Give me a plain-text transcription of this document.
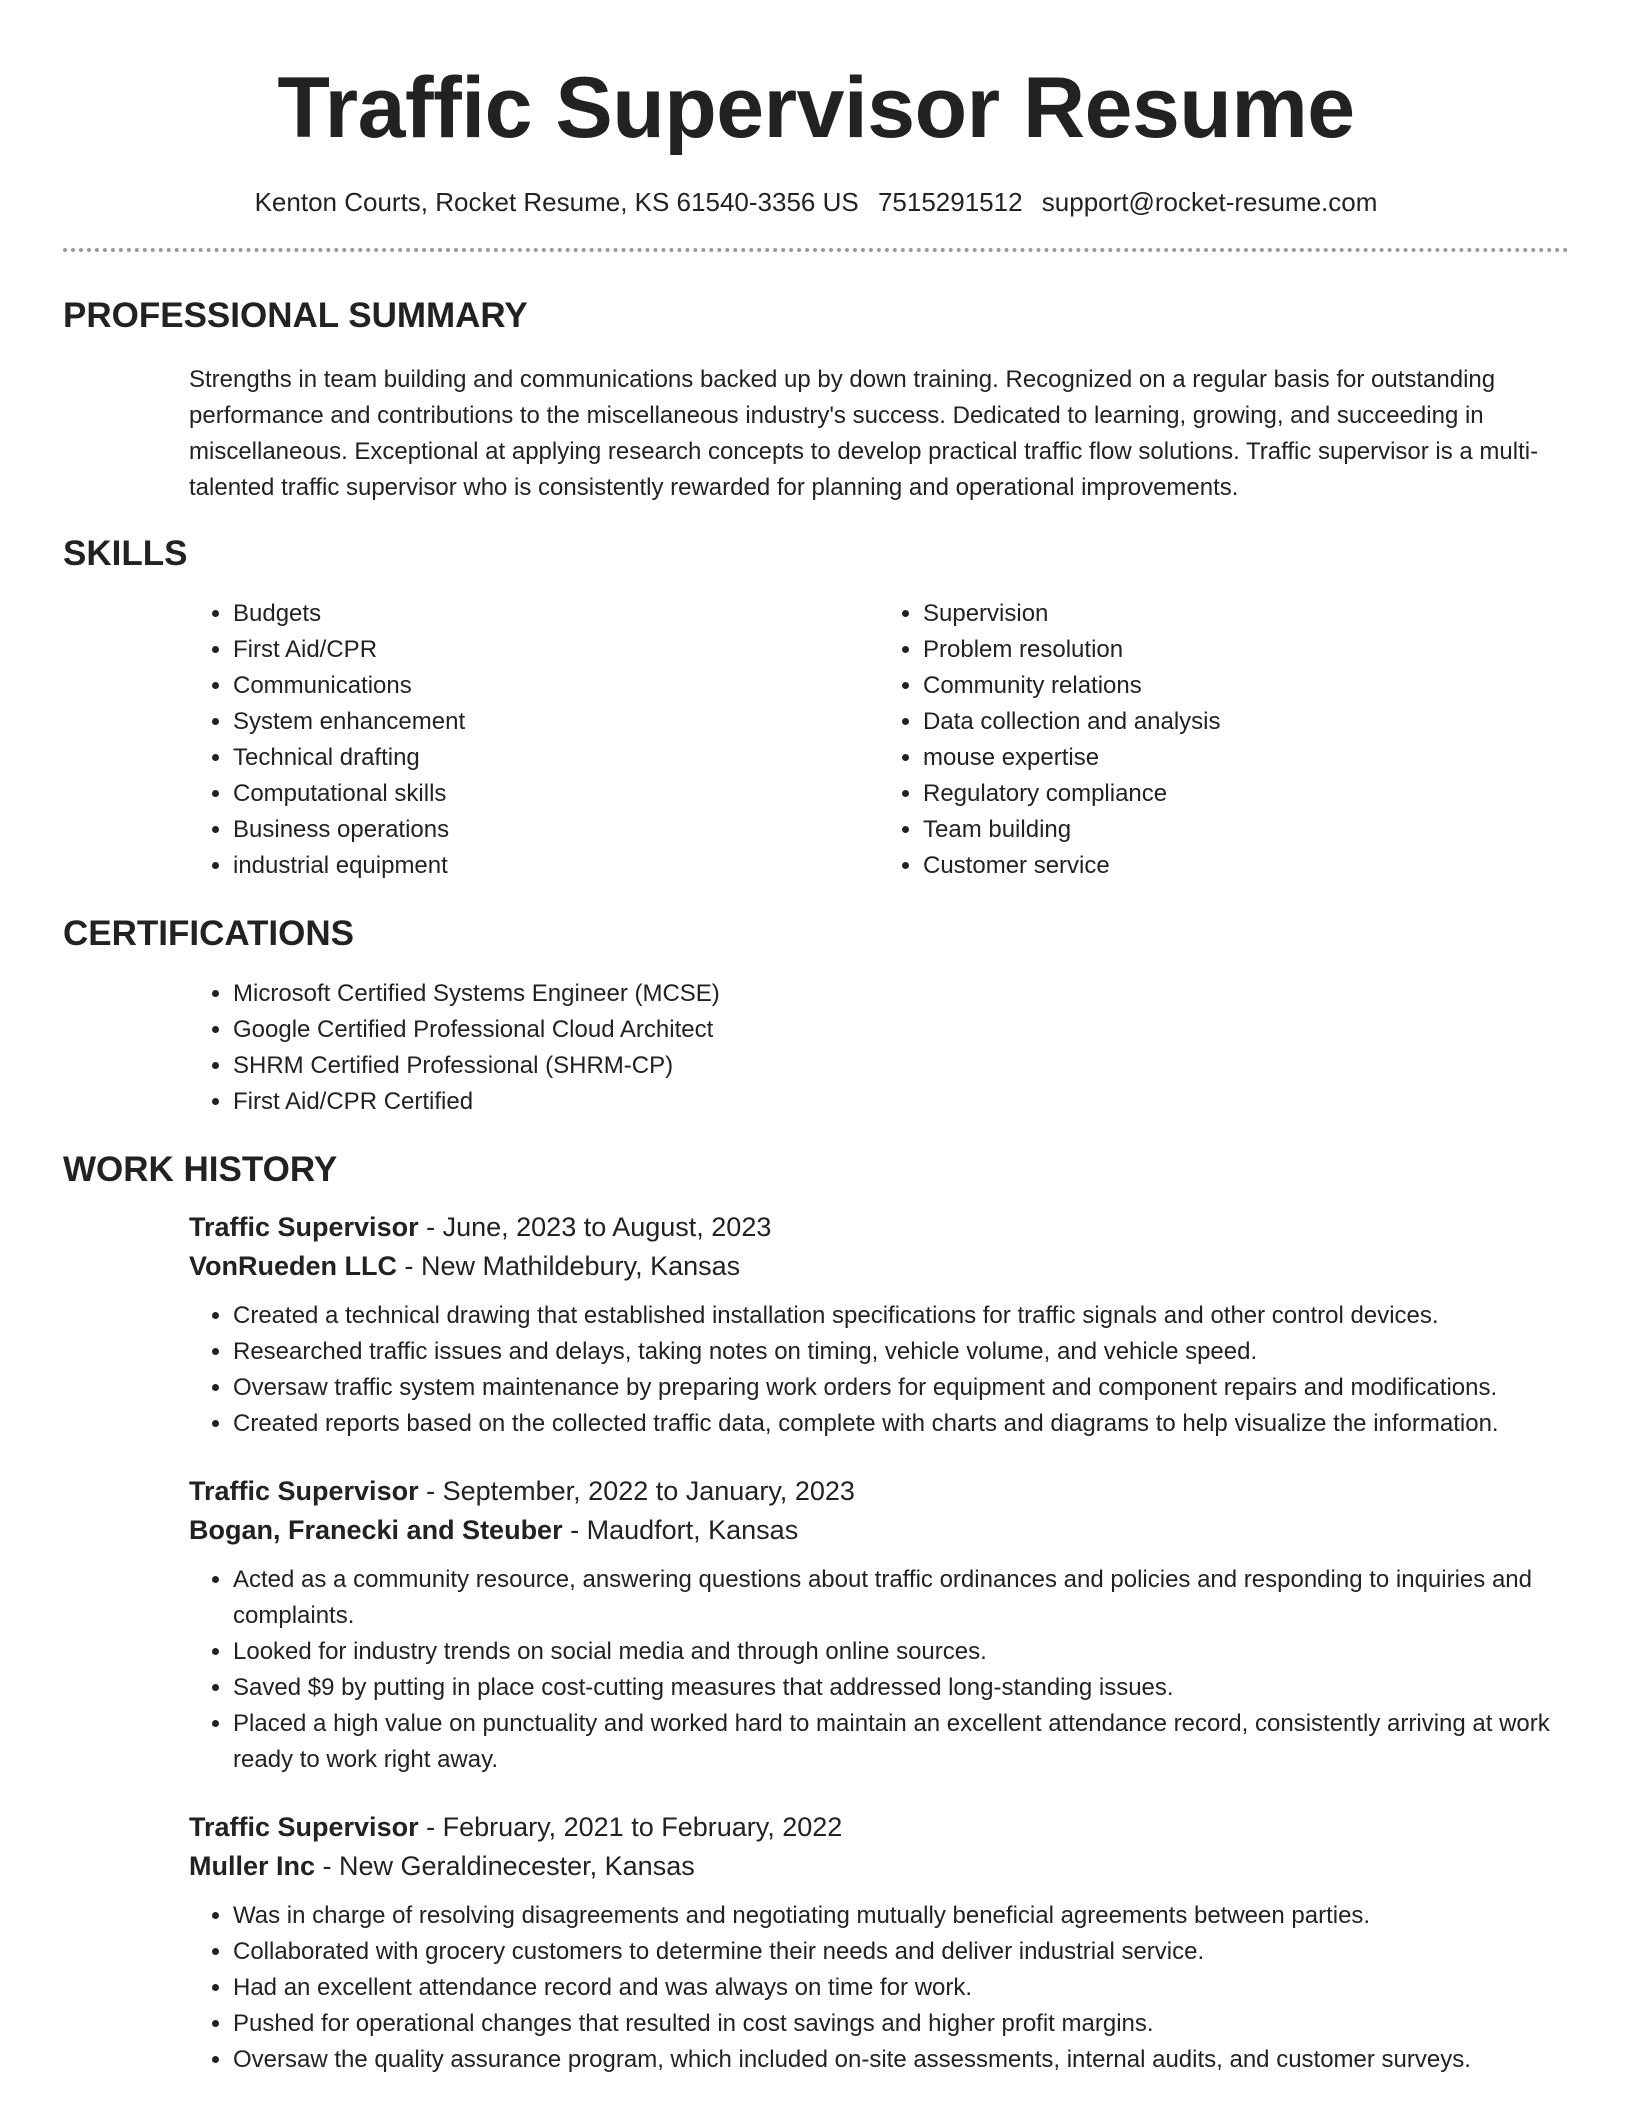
Traffic Supervisor Resume
Kenton Courts, Rocket Resume, KS 61540-3356 US 7515291512 support@rocket-resume.com
PROFESSIONAL SUMMARY

Strengths in team building and communications backed up by down training. Recognized on a regular basis for outstanding performance and contributions to the miscellaneous industry's success. Dedicated to learning, growing, and succeeding in miscellaneous. Exceptional at applying research concepts to develop practical traffic flow solutions. Traffic supervisor is a multi-talented traffic supervisor who is consistently rewarded for planning and operational improvements.

SKILLS
• Budgets
• First Aid/CPR
• Communications
• System enhancement
• Technical drafting
• Computational skills
• Business operations
• industrial equipment
• Supervision
• Problem resolution
• Community relations
• Data collection and analysis
• mouse expertise
• Regulatory compliance
• Team building
• Customer service
CERTIFICATIONS
• Microsoft Certified Systems Engineer (MCSE)
• Google Certified Professional Cloud Architect
• SHRM Certified Professional (SHRM-CP)
• First Aid/CPR Certified
WORK HISTORY
Traffic Supervisor - June, 2023 to August, 2023
VonRueden LLC - New Mathildebury, Kansas
• Created a technical drawing that established installation specifications for traffic signals and other control devices.
• Researched traffic issues and delays, taking notes on timing, vehicle volume, and vehicle speed.
• Oversaw traffic system maintenance by preparing work orders for equipment and component repairs and modifications.
• Created reports based on the collected traffic data, complete with charts and diagrams to help visualize the information.
Traffic Supervisor - September, 2022 to January, 2023
Bogan, Franecki and Steuber - Maudfort, Kansas
• Acted as a community resource, answering questions about traffic ordinances and policies and responding to inquiries and complaints.
• Looked for industry trends on social media and through online sources.
• Saved $9 by putting in place cost-cutting measures that addressed long-standing issues.
• Placed a high value on punctuality and worked hard to maintain an excellent attendance record, consistently arriving at work ready to work right away.
Traffic Supervisor - February, 2021 to February, 2022
Muller Inc - New Geraldinecester, Kansas
• Was in charge of resolving disagreements and negotiating mutually beneficial agreements between parties.
• Collaborated with grocery customers to determine their needs and deliver industrial service.
• Had an excellent attendance record and was always on time for work.
• Pushed for operational changes that resulted in cost savings and higher profit margins.
• Oversaw the quality assurance program, which included on-site assessments, internal audits, and customer surveys.
